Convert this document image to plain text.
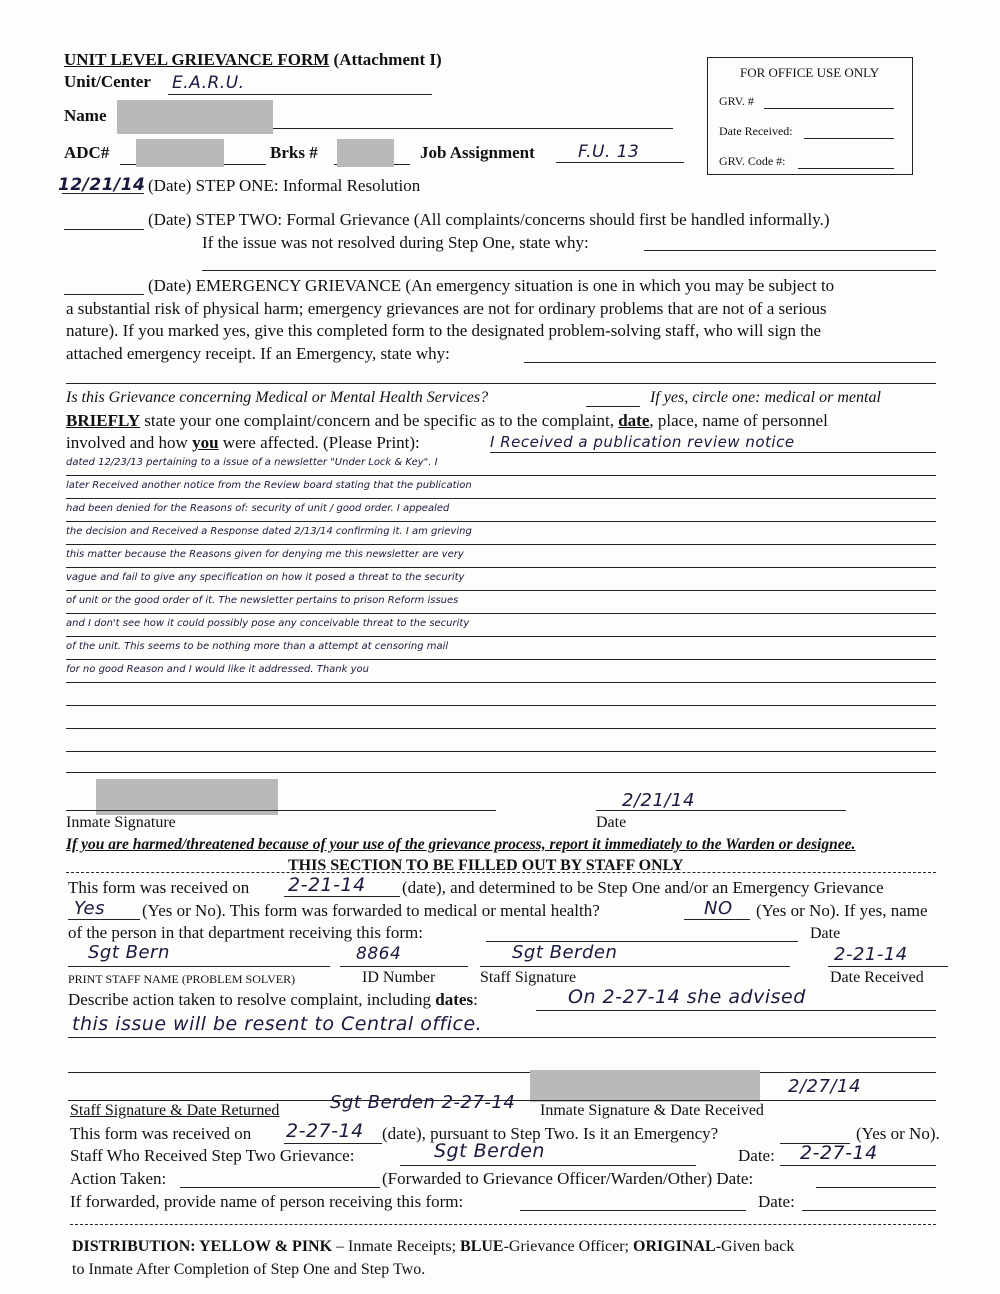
UNIT LEVEL GRIEVANCE FORM (Attachment I)
Unit/Center E.A.R.U.
Name
ADC#	Brks #	Job Assignment	F.U. 13
FOR OFFICE USE ONLY
GRV. #
Date Received:
GRV. Code #:
12/21/14 (Date) STEP ONE: Informal Resolution
(Date) STEP TWO: Formal Grievance (All complaints/concerns should first be handled informally.)
If the issue was not resolved during Step One, state why:
(Date) EMERGENCY GRIEVANCE (An emergency situation is one in which you may be subject to
a substantial risk of physical harm; emergency grievances are not for ordinary problems that are not of a serious
nature). If you marked yes, give this completed form to the designated problem-solving staff, who will sign the
attached emergency receipt. If an Emergency, state why:
Is this Grievance concerning Medical or Mental Health Services?	If yes, circle one: medical or mental
BRIEFLY state your one complaint/concern and be specific as to the complaint, date, place, name of personnel
involved and how you were affected. (Please Print):	I Received a publication review notice
dated 12/23/13 pertaining to a issue of a newsletter "Under Lock & Key". I
later Received another notice from the Review board stating that the publication
had been denied for the Reasons of: security of unit / good order. I appealed
the decision and Received a Response dated 2/13/14 confirming it. I am grieving
this matter because the Reasons given for denying me this newsletter are very
vague and fail to give any specification on how it posed a threat to the security
of unit or the good order of it. The newsletter pertains to prison Reform issues
and I don't see how it could possibly pose any conceivable threat to the security
of the unit. This seems to be nothing more than a attempt at censoring mail
for no good Reason and I would like it addressed. Thank you
Inmate Signature
2/21/14
Date
If you are harmed/threatened because of your use of the grievance process, report it immediately to the Warden or designee.
THIS SECTION TO BE FILLED OUT BY STAFF ONLY
This form was received on 2-21-14 (date), and determined to be Step One and/or an Emergency Grievance
Yes (Yes or No). This form was forwarded to medical or mental health?	NO (Yes or No). If yes, name
of the person in that department receiving this form:	Date
Sgt Bern	8864	Sgt Berden	2-21-14
PRINT STAFF NAME (PROBLEM SOLVER)	ID Number	Staff Signature	Date Received
Describe action taken to resolve complaint, including dates:	On 2-27-14 she advised
this issue will be resent to Central office.
2/27/14
Staff Signature & Date Returned	Sgt Berden 2-27-14 Inmate Signature & Date Received
This form was received on 2-27-14 (date), pursuant to Step Two. Is it an Emergency?	(Yes or No).
Staff Who Received Step Two Grievance:	Sgt Berden	Date: 2-27-14
Action Taken:	(Forwarded to Grievance Officer/Warden/Other) Date:
If forwarded, provide name of person receiving this form:	Date:
DISTRIBUTION: YELLOW & PINK – Inmate Receipts; BLUE-Grievance Officer; ORIGINAL-Given back
to Inmate After Completion of Step One and Step Two.
